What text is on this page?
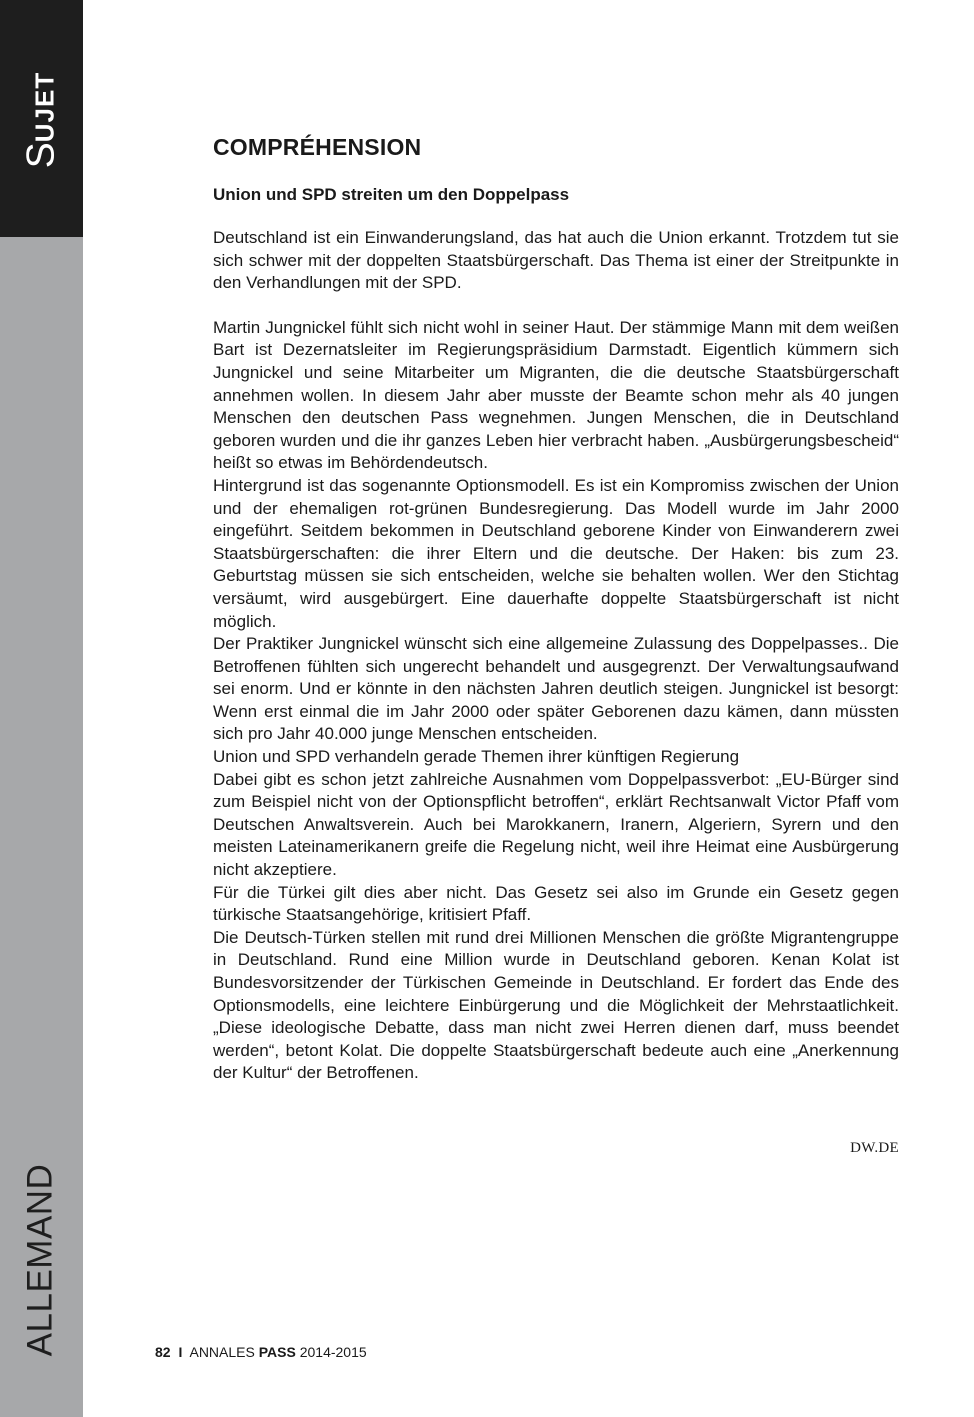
SUJET
ALLEMAND
COMPRÉHENSION
Union und SPD streiten um den Doppelpass

Deutschland ist ein Einwanderungsland, das hat auch die Union erkannt. Trotzdem tut sie sich schwer mit der doppelten Staatsbürgerschaft. Das Thema ist einer der Streitpunkte in den Verhandlungen mit der SPD.

Martin Jungnickel fühlt sich nicht wohl in seiner Haut. Der stämmige Mann mit dem weißen Bart ist Dezernatsleiter im Regierungspräsidium Darmstadt. Eigentlich kümmern sich Jungnickel und seine Mitarbeiter um Migranten, die die deutsche Staatsbürgerschaft annehmen wollen. In diesem Jahr aber musste der Beamte schon mehr als 40 jungen Menschen den deutschen Pass wegnehmen. Jungen Menschen, die in Deutschland geboren wurden und die ihr ganzes Leben hier verbracht haben. „Ausbürgerungsbescheid“ heißt so etwas im Behördendeutsch.

Hintergrund ist das sogenannte Optionsmodell. Es ist ein Kompromiss zwischen der Union und der ehemaligen rot-grünen Bundesregierung. Das Modell wurde im Jahr 2000 eingeführt. Seitdem bekommen in Deutschland geborene Kinder von Einwanderern zwei Staatsbürgerschaften: die ihrer Eltern und die deutsche. Der Haken: bis zum 23. Geburtstag müssen sie sich entscheiden, welche sie behalten wollen. Wer den Stichtag versäumt, wird ausgebürgert. Eine dauerhafte doppelte Staatsbürgerschaft ist nicht möglich.

Der Praktiker Jungnickel wünscht sich eine allgemeine Zulassung des Doppelpasses.. Die Betroffenen fühlten sich ungerecht behandelt und ausgegrenzt. Der Verwaltungsaufwand sei enorm. Und er könnte in den nächsten Jahren deutlich steigen. Jungnickel ist besorgt: Wenn erst einmal die im Jahr 2000 oder später Geborenen dazu kämen, dann müssten sich pro Jahr 40.000 junge Menschen entscheiden.

Union und SPD verhandeln gerade Themen ihrer künftigen Regierung

Dabei gibt es schon jetzt zahlreiche Ausnahmen vom Doppelpassverbot: „EU-Bürger sind zum Beispiel nicht von der Optionspflicht betroffen“, erklärt Rechtsanwalt Victor Pfaff vom Deutschen Anwaltsverein. Auch bei Marokkanern, Iranern, Algeriern, Syrern und den meisten Lateinamerikanern greife die Regelung nicht, weil ihre Heimat eine Ausbürgerung nicht akzeptiere.

Für die Türkei gilt dies aber nicht. Das Gesetz sei also im Grunde ein Gesetz gegen türkische Staatsangehörige, kritisiert Pfaff.

Die Deutsch-Türken stellen mit rund drei Millionen Menschen die größte Migrantengruppe in Deutschland. Rund eine Million wurde in Deutschland geboren. Kenan Kolat ist Bundesvorsitzender der Türkischen Gemeinde in Deutschland. Er fordert das Ende des Optionsmodells, eine leichtere Einbürgerung und die Möglichkeit der Mehrstaatlichkeit. „Diese ideologische Debatte, dass man nicht zwei Herren dienen darf, muss beendet werden“, betont Kolat. Die doppelte Staatsbürgerschaft bedeute auch eine „Anerkennung der Kultur“ der Betroffenen.

DW.DE
82 I ANNALES PASS 2014-2015
